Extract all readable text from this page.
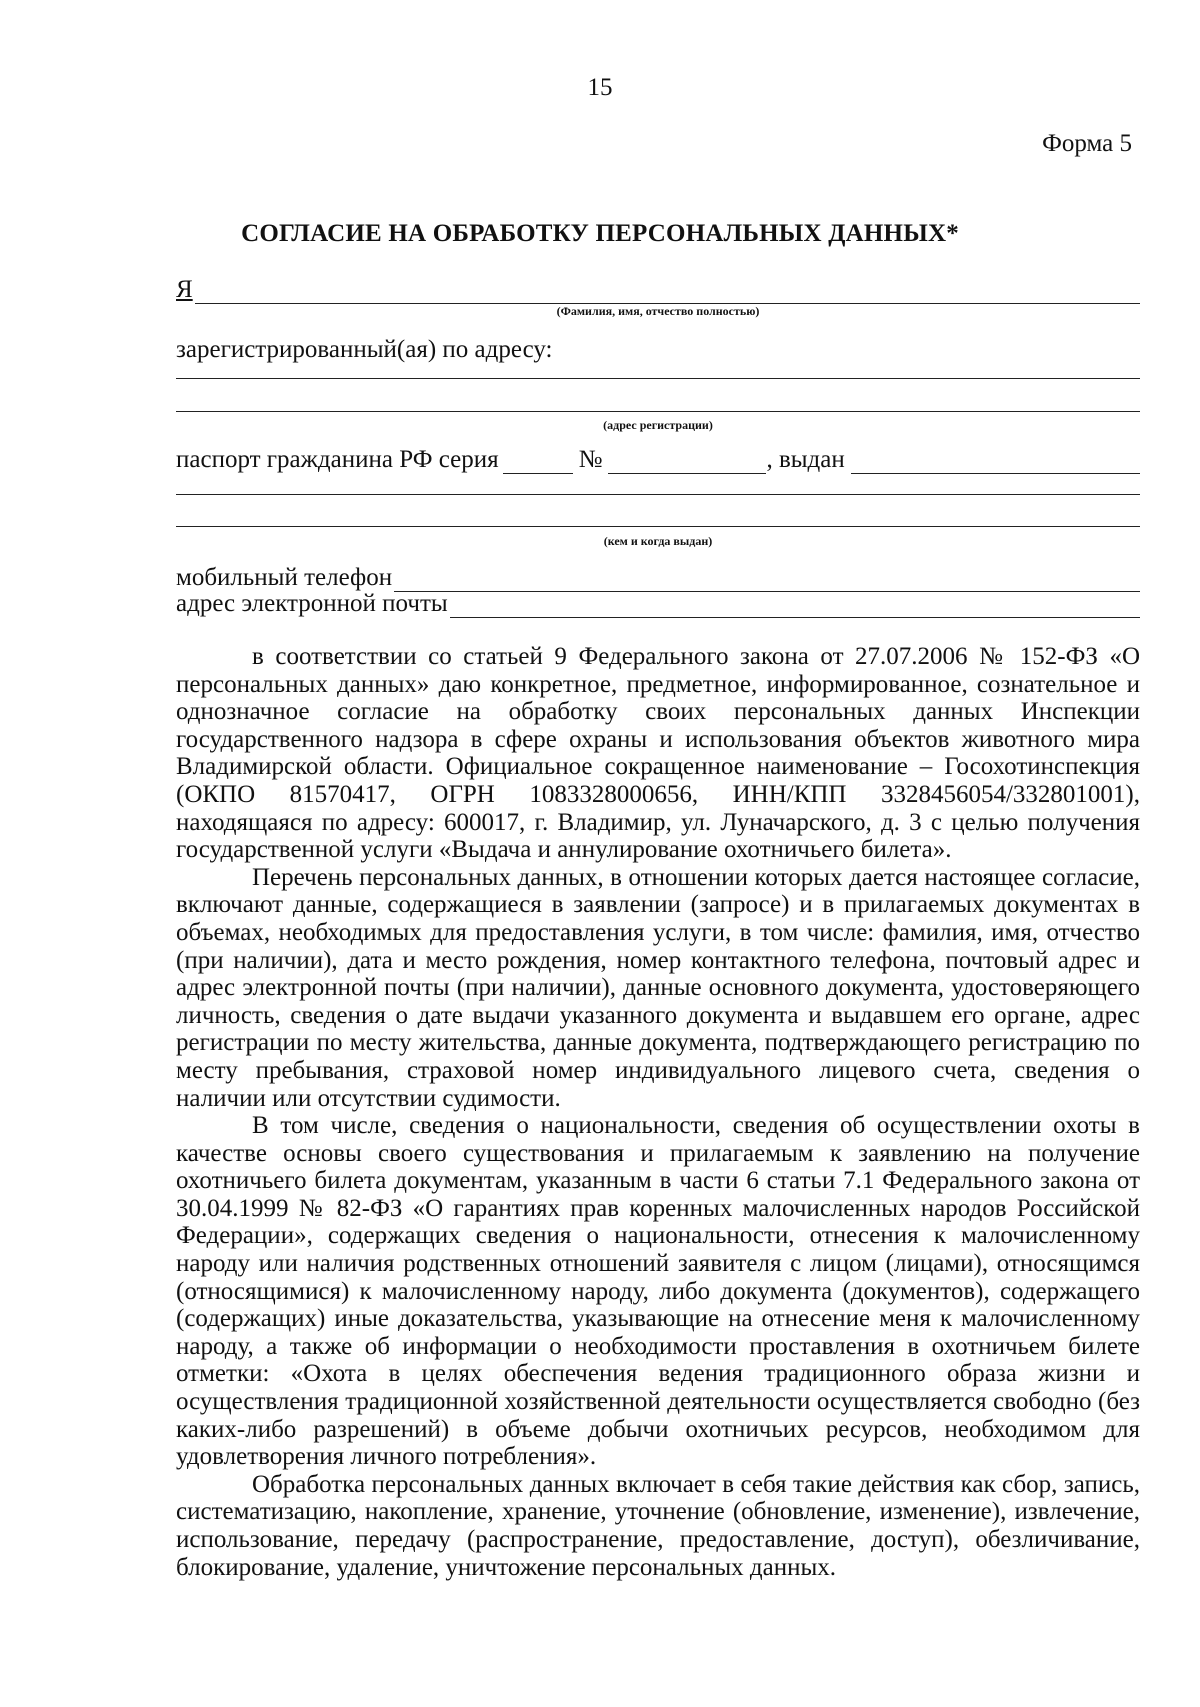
15
Форма 5
СОГЛАСИЕ НА ОБРАБОТКУ ПЕРСОНАЛЬНЫХ ДАННЫХ*
Я
(Фамилия, имя, отчество полностью)
зарегистрированный(ая) по адресу:
(адрес регистрации)
паспорт гражданина РФ серия	№	, выдан
(кем и когда выдан)
мобильный телефон
адрес электронной почты

в соответствии со статьей 9 Федерального закона от 27.07.2006 № 152-ФЗ «О персональных данных» даю конкретное, предметное, информированное, сознательное и однозначное согласие на обработку своих персональных данных Инспекции государственного надзора в сфере охраны и использования объектов животного мира Владимирской области. Официальное сокращенное наименование – Госохотинспекция (ОКПО 81570417, ОГРН 1083328000656, ИНН/КПП 3328456054/332801001), находящаяся по адресу: 600017, г. Владимир, ул. Луначарского, д. 3 с целью получения государственной услуги «Выдача и аннулирование охотничьего билета».

Перечень персональных данных, в отношении которых дается настоящее согласие, включают данные, содержащиеся в заявлении (запросе) и в прилагаемых документах в объемах, необходимых для предоставления услуги, в том числе: фамилия, имя, отчество (при наличии), дата и место рождения, номер контактного телефона, почтовый адрес и адрес электронной почты (при наличии), данные основного документа, удостоверяющего личность, сведения о дате выдачи указанного документа и выдавшем его органе, адрес регистрации по месту жительства, данные документа, подтверждающего регистрацию по месту пребывания, страховой номер индивидуального лицевого счета, сведения о наличии или отсутствии судимости.

В том числе, сведения о национальности, сведения об осуществлении охоты в качестве основы своего существования и прилагаемым к заявлению на получение охотничьего билета документам, указанным в части 6 статьи 7.1 Федерального закона от 30.04.1999 № 82-ФЗ «О гарантиях прав коренных малочисленных народов Российской Федерации», содержащих сведения о национальности, отнесения к малочисленному народу или наличия родственных отношений заявителя с лицом (лицами), относящимся (относящимися) к малочисленному народу, либо документа (документов), содержащего (содержащих) иные доказательства, указывающие на отнесение меня к малочисленному народу, а также об информации о необходимости проставления в охотничьем билете отметки: «Охота в целях обеспечения ведения традиционного образа жизни и осуществления традиционной хозяйственной деятельности осуществляется свободно (без каких-либо разрешений) в объеме добычи охотничьих ресурсов, необходимом для удовлетворения личного потребления».

Обработка персональных данных включает в себя такие действия как сбор, запись, систематизацию, накопление, хранение, уточнение (обновление, изменение), извлечение, использование, передачу (распространение, предоставление, доступ), обезличивание, блокирование, удаление, уничтожение персональных данных.
